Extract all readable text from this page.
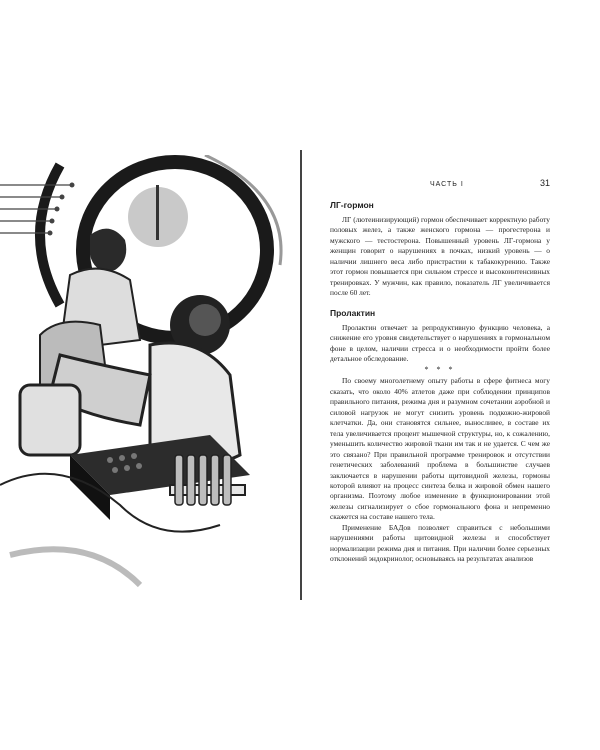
ЧАСТЬ I	31
ЛГ-гормон

ЛГ (лютеинизирующий) гормон обеспечивает корректную работу половых желез, а также женского гормона — прогестерона и мужского — тестостерона. Повышенный уровень ЛГ-гормона у женщин говорит о нарушениях в почках, низкий уровень — о наличии лишнего веса либо пристрастии к табакокурению. Также этот гормон повышается при сильном стрессе и высокоинтенсивных тренировках. У мужчин, как правило, показатель ЛГ увеличивается после 60 лет.

Пролактин

Пролактин отвечает за репродуктивную функцию человека, а снижение его уровня свидетельствует о нарушениях в гормональном фоне в целом, наличии стресса и о необходимости пройти более детальное обследование.

* * *

По своему многолетнему опыту работы в сфере фитнеса могу сказать, что около 40% атлетов даже при соблюдении принципов правильного питания, режима дня и разумном сочетании аэробной и силовой нагрузок не могут снизить уровень подкожно-жировой клетчатки. Да, они становятся сильнее, выносливее, в составе их тела увеличивается процент мышечной структуры, но, к сожалению, уменьшить количество жировой ткани им так и не удается. С чем же это связано? При правильной программе тренировок и отсутствии генетических заболеваний проблема в большинстве случаев заключается в нарушении работы щитовидной железы, гормоны которой влияют на процесс синтеза белка и жировой обмен нашего организма. Поэтому любое изменение в функционировании этой железы сигнализирует о сбое гормонального фона и непременно скажется на составе нашего тела.

Применение БАДов позволяет справиться с небольшими нарушениями работы щитовидной железы и способствует нормализации режима дня и питания. При наличии более серьезных отклонений эндокринолог, основываясь на результатах анализов
